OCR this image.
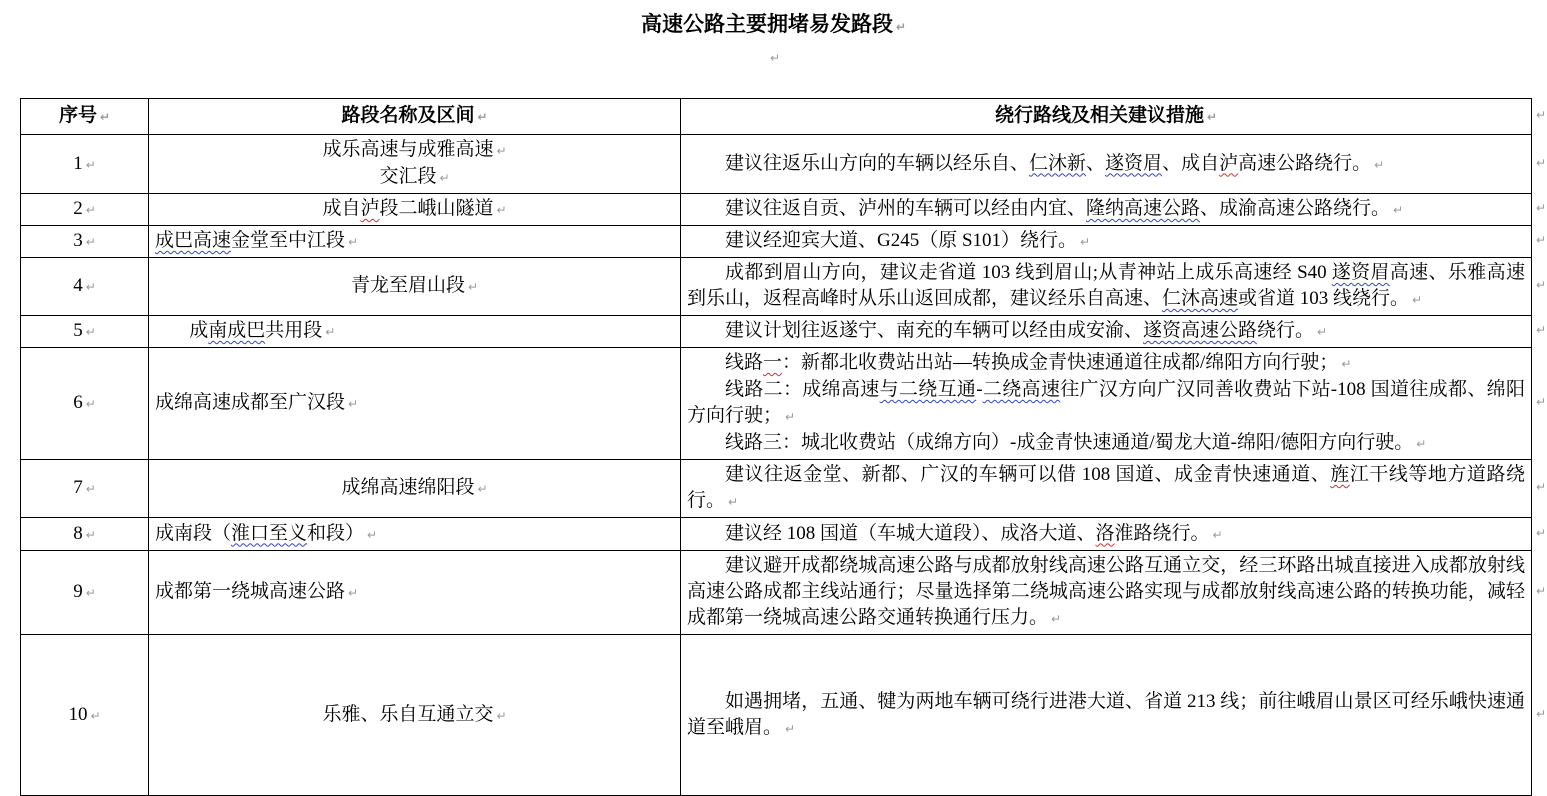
高速公路主要拥堵易发路段 ↵
↵
序号 ↵	路段名称及区间 ↵	绕行路线及相关建议措施 ↵
1 ↵	成乐高速与成雅高速 ↵
交汇段 ↵	建议往返乐山方向的车辆以经乐自、仁沐新、遂资眉、成自泸高速公路绕行。 ↵

2 ↵	成自泸段二峨山隧道 ↵	建议往返自贡、泸州的车辆可以经由内宜、隆纳高速公路、成渝高速公路绕行。 ↵

3 ↵	成巴高速金堂至中江段 ↵	建议经迎宾大道、G245（原 S101）绕行。 ↵

4 ↵	青龙至眉山段 ↵	成都到眉山方向，建议走省道 103 线到眉山;从青神站上成乐高速经 S40 遂资眉高速、乐雅高速到乐山，返程高峰时从乐山返回成都，建议经乐自高速、仁沐高速或省道 103 线绕行。 ↵

5 ↵	成南成巴共用段 ↵	建议计划往返遂宁、南充的车辆可以经由成安渝、遂资高速公路绕行。 ↵

6 ↵	成绵高速成都至广汉段 ↵	线路一：新都北收费站出站—转换成金青快速通道往成都/绵阳方向行驶； ↵

线路二：成绵高速与二绕互通-二绕高速往广汉方向广汉同善收费站下站-108 国道往成都、绵阳方向行驶； ↵

线路三：城北收费站（成绵方向）-成金青快速通道/蜀龙大道-绵阳/德阳方向行驶。 ↵

7 ↵	成绵高速绵阳段 ↵	建议往返金堂、新都、广汉的车辆可以借 108 国道、成金青快速通道、旌江干线等地方道路绕行。 ↵

8 ↵	成南段（淮口至义和段） ↵	建议经 108 国道（车城大道段）、成洛大道、洛淮路绕行。 ↵

9 ↵	成都第一绕城高速公路 ↵	建议避开成都绕城高速公路与成都放射线高速公路互通立交，经三环路出城直接进入成都放射线高速公路成都主线站通行；尽量选择第二绕城高速公路实现与成都放射线高速公路的转换功能，减轻成都第一绕城高速公路交通转换通行压力。 ↵

10 ↵	乐雅、乐自互通立交 ↵	如遇拥堵，五通、犍为两地车辆可绕行进港大道、省道 213 线；前往峨眉山景区可经乐峨快速通道至峨眉。 ↵

↵
↵
↵
↵
↵
↵
↵
↵
↵
↵
↵
